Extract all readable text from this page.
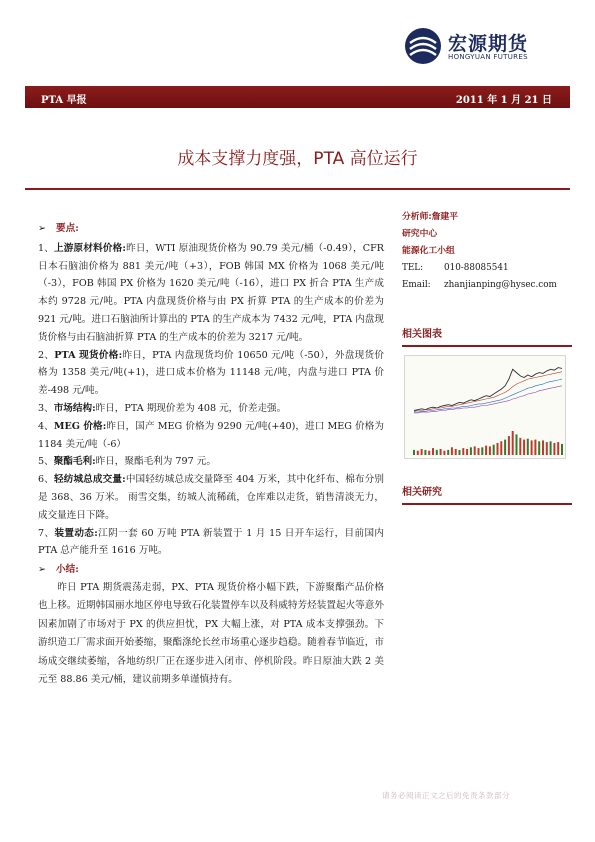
宏源期货
HONGYUAN FUTURES
PTA 早报	2011 年 1 月 21 日
成本支撑力度强，PTA 高位运行
➢ 要点:

1、上游原材料价格:昨日，WTI 原油现货价格为 90.79 美元/桶（-0.49），CFR 日本石脑油价格为 881 美元/吨（+3），FOB 韩国 MX 价格为 1068 美元/吨（-3），FOB 韩国 PX 价格为 1620 美元/吨（-16），进口 PX 折合 PTA 生产成本约 9728 元/吨。PTA 内盘现货价格与由 PX 折算 PTA 的生产成本的价差为 921 元/吨。进口石脑油所计算出的 PTA 的生产成本为 7432 元/吨，PTA 内盘现货价格与由石脑油折算 PTA 的生产成本的价差为 3217 元/吨。

2、PTA 现货价格:昨日，PTA 内盘现货均价 10650 元/吨（-50），外盘现货价格为 1358 美元/吨(+1)，进口成本价格为 11148 元/吨，内盘与进口 PTA 价差-498 元/吨。

3、市场结构:昨日，PTA 期现价差为 408 元，价差走强。

4、MEG 价格:昨日，国产 MEG 价格为 9290 元/吨(+40)，进口 MEG 价格为 1184 美元/吨（-6）

5、聚酯毛利:昨日，聚酯毛利为 797 元。

6、轻纺城总成交量:中国轻纺城总成交量降至 404 万米，其中化纤布、棉布分别是 368、36 万米。 雨雪交集，纺城人流稀疏，仓库难以走货，销售清淡无力，成交量连日下降。

7、装置动态:江阴一套 60 万吨 PTA 新装置于 1 月 15 日开车运行，目前国内 PTA 总产能升至 1616 万吨。

➢ 小结:

昨日 PTA 期货震荡走弱，PX、PTA 现货价格小幅下跌，下游聚酯产品价格也上移。近期韩国丽水地区停电导致石化装置停车以及科威特芳烃装置起火等意外因素加剧了市场对于 PX 的供应担忧，PX 大幅上涨，对 PTA 成本支撑强劲。下游织造工厂需求面开始萎缩，聚酯涤纶长丝市场重心逐步趋稳。随着春节临近，市场成交继续萎缩，各地纺织厂正在逐步进入闭市、停机阶段。昨日原油大跌 2 美元至 88.86 美元/桶，建议前期多单谨慎持有。

分析师:詹建平
研究中心
能源化工小组
TEL: 010-88085541
Email: zhanjianping@hysec.com
相关图表
相关研究
请务必阅读正文之后的免责条款部分
